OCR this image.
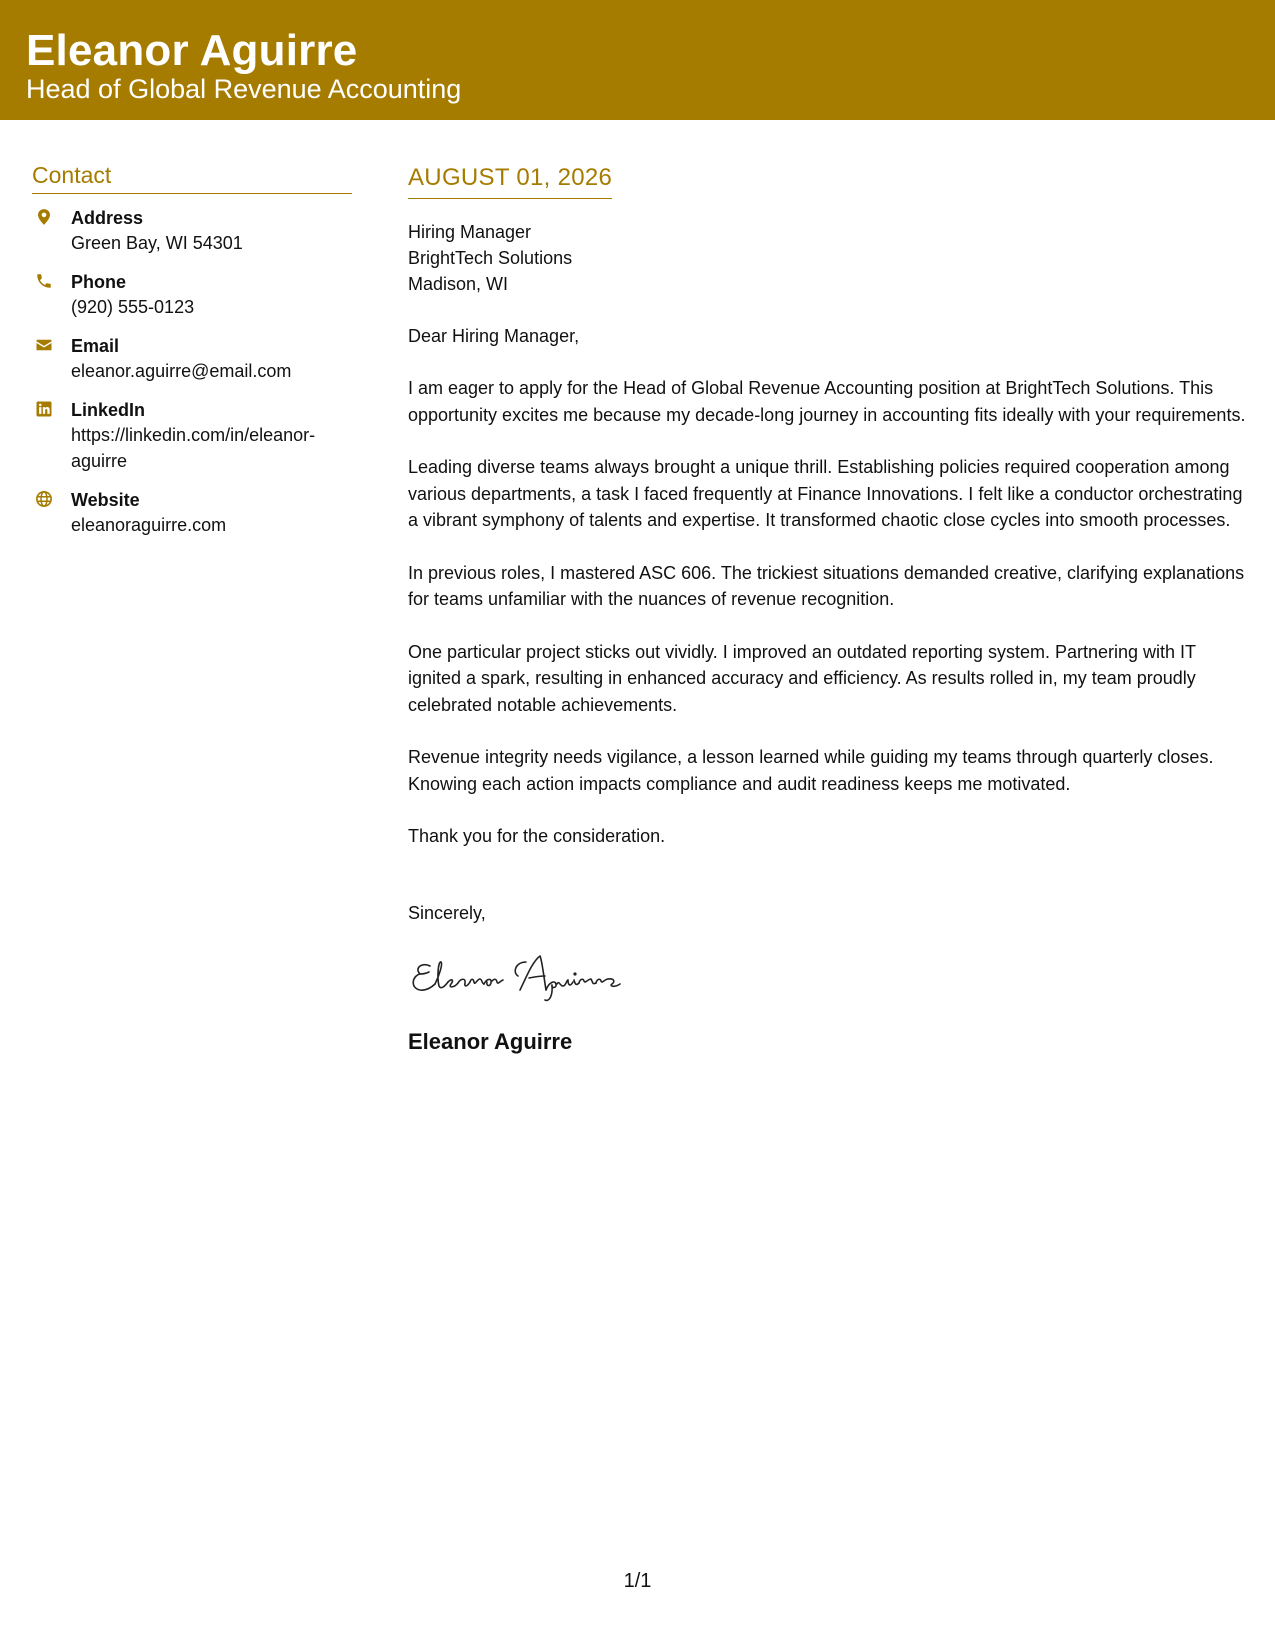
Eleanor Aguirre
Head of Global Revenue Accounting
Contact
Address
Green Bay, WI 54301
Phone
(920) 555-0123
Email
eleanor.aguirre@email.com
LinkedIn
https://linkedin.com/in/eleanor-aguirre
Website
eleanoraguirre.com
AUGUST 01, 2026
Hiring Manager
BrightTech Solutions
Madison, WI
Dear Hiring Manager,
I am eager to apply for the Head of Global Revenue Accounting position at BrightTech Solutions. This opportunity excites me because my decade-long journey in accounting fits ideally with your requirements.
Leading diverse teams always brought a unique thrill. Establishing policies required cooperation among various departments, a task I faced frequently at Finance Innovations. I felt like a conductor orchestrating a vibrant symphony of talents and expertise. It transformed chaotic close cycles into smooth processes.
In previous roles, I mastered ASC 606. The trickiest situations demanded creative, clarifying explanations for teams unfamiliar with the nuances of revenue recognition.
One particular project sticks out vividly. I improved an outdated reporting system. Partnering with IT ignited a spark, resulting in enhanced accuracy and efficiency. As results rolled in, my team proudly celebrated notable achievements.
Revenue integrity needs vigilance, a lesson learned while guiding my teams through quarterly closes. Knowing each action impacts compliance and audit readiness keeps me motivated.
Thank you for the consideration.
Sincerely,
Eleanor Aguirre
1/1
